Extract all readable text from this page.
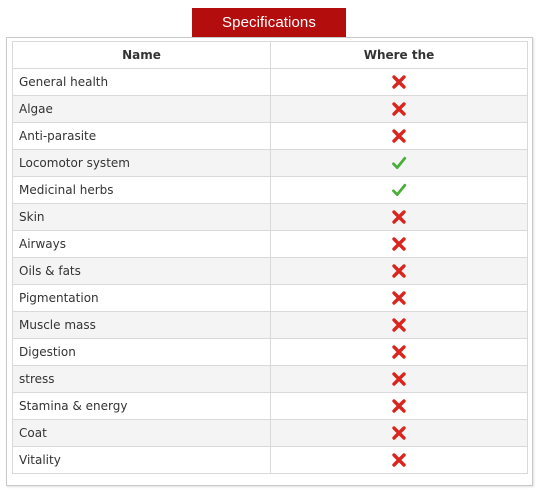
Specifications
Name	Where the
General health	

Algae	

Anti-parasite	

Locomotor system	

Medicinal herbs	

Skin	

Airways	

Oils & fats	

Pigmentation	

Muscle mass	

Digestion	

stress	

Stamina & energy	

Coat	

Vitality	
